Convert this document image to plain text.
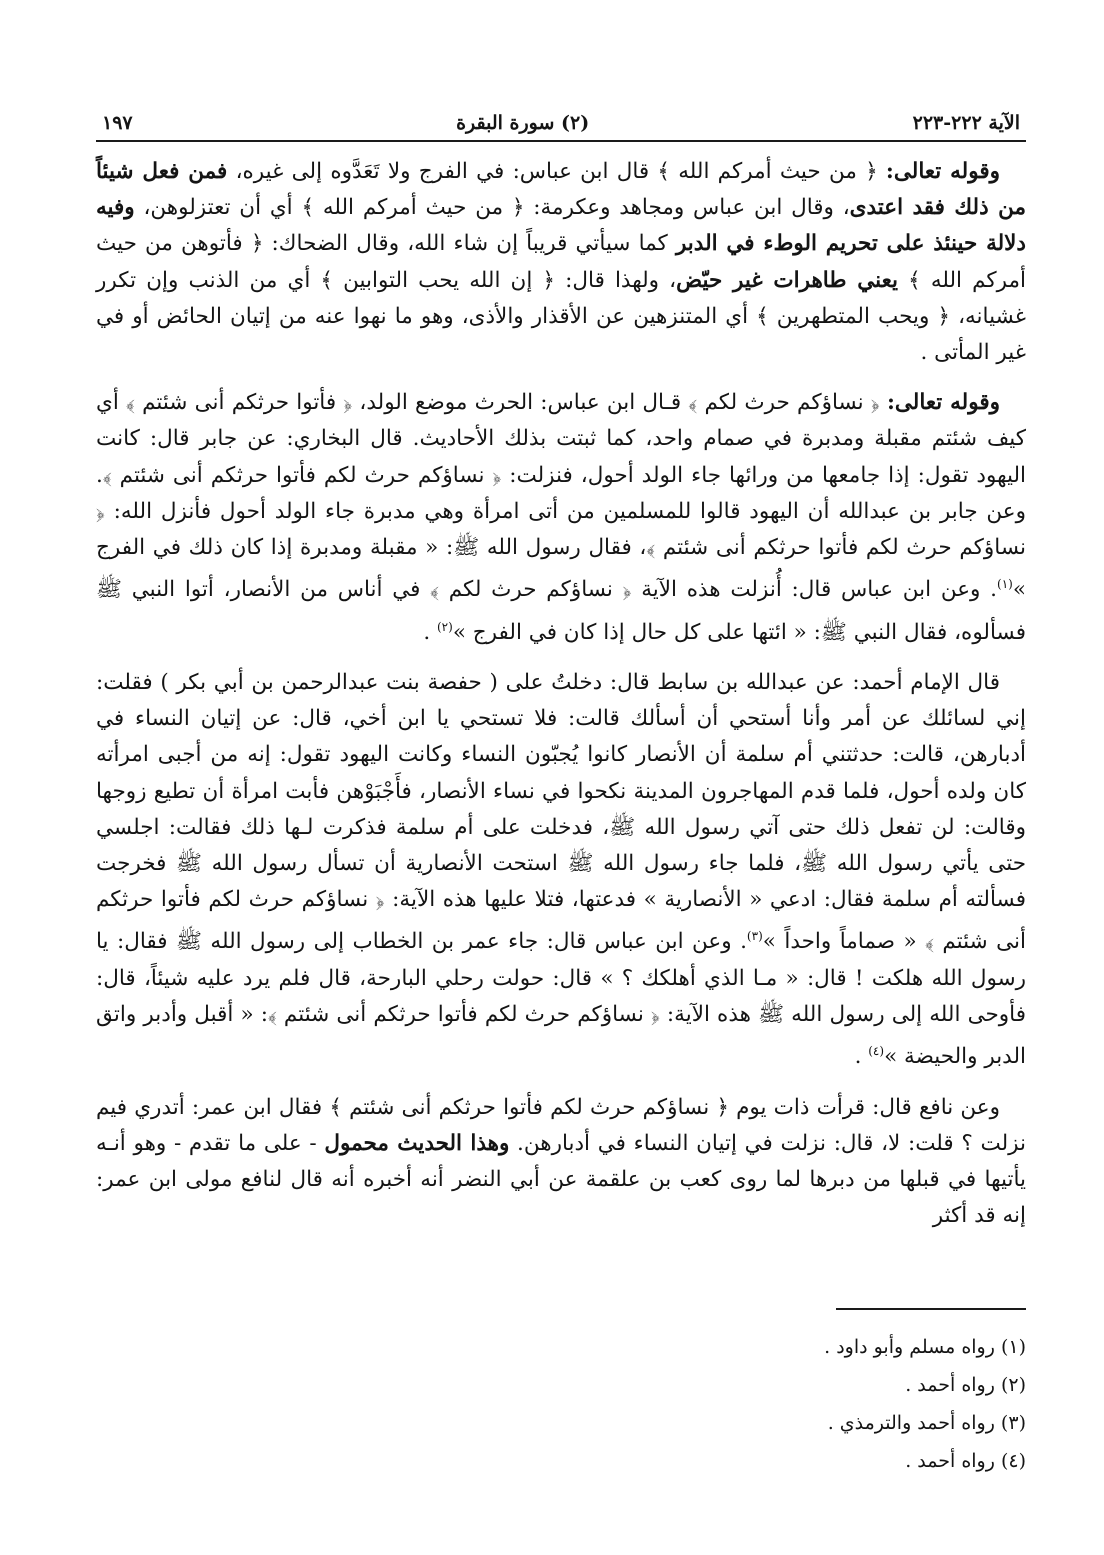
الآية ٢٢٢-٢٢٣
(٢) سورة البقرة
١٩٧

وقوله تعالى: ﴿ من حيث أمركم الله ﴾ قال ابن عباس: في الفرج ولا تَعَدَّوه إلى غيره، فمن فعل شيئاً من ذلك فقد اعتدى، وقال ابن عباس ومجاهد وعكرمة: ﴿ من حيث أمركم الله ﴾ أي أن تعتزلوهن، وفيه دلالة حينئذ على تحريم الوطء في الدبر كما سيأتي قريباً إن شاء الله، وقال الضحاك: ﴿ فأتوهن من حيث أمركم الله ﴾ يعني طاهرات غير حيّض، ولهذا قال: ﴿ إن الله يحب التوابين ﴾ أي من الذنب وإن تكرر غشيانه، ﴿ ويحب المتطهرين ﴾ أي المتنزهين عن الأقذار والأذى، وهو ما نهوا عنه من إتيان الحائض أو في غير المأتى .

وقوله تعالى: ﴿ نساؤكم حرث لكم ﴾ قـال ابن عباس: الحرث موضع الولد، ﴿ فأتوا حرثكم أنى شئتم ﴾ أي كيف شئتم مقبلة ومدبرة في صمام واحد، كما ثبتت بذلك الأحاديث. قال البخاري: عن جابر قال: كانت اليهود تقول: إذا جامعها من ورائها جاء الولد أحول، فنزلت: ﴿ نساؤكم حرث لكم فأتوا حرثكم أنى شئتم ﴾. وعن جابر بن عبدالله أن اليهود قالوا للمسلمين من أتى امرأة وهي مدبرة جاء الولد أحول فأنزل الله: ﴿ نساؤكم حرث لكم فأتوا حرثكم أنى شئتم ﴾، فقال رسول الله ﷺ: « مقبلة ومدبرة إذا كان ذلك في الفرج »$^{(١)}$. وعن ابن عباس قال: أُنزلت هذه الآية ﴿ نساؤكم حرث لكم ﴾ في أناس من الأنصار، أتوا النبي ﷺ فسألوه، فقال النبي ﷺ: « ائتها على كل حال إذا كان في الفرج »$^{(٢)}$ .

قال الإمام أحمد: عن عبدالله بن سابط قال: دخلتُ على ( حفصة بنت عبدالرحمن بن أبي بكر ) فقلت: إني لسائلك عن أمر وأنا أستحي أن أسألك قالت: فلا تستحي يا ابن أخي، قال: عن إتيان النساء في أدبارهن، قالت: حدثتني أم سلمة أن الأنصار كانوا يُجبّون النساء وكانت اليهود تقول: إنه من أجبى امرأته كان ولده أحول، فلما قدم المهاجرون المدينة نكحوا في نساء الأنصار، فأَجْبَوْهن فأبت امرأة أن تطيع زوجها وقالت: لن تفعل ذلك حتى آتي رسول الله ﷺ، فدخلت على أم سلمة فذكرت لـها ذلك فقالت: اجلسي حتى يأتي رسول الله ﷺ، فلما جاء رسول الله ﷺ استحت الأنصارية أن تسأل رسول الله ﷺ فخرجت فسألته أم سلمة فقال: ادعي « الأنصارية » فدعتها، فتلا عليها هذه الآية: ﴿ نساؤكم حرث لكم فأتوا حرثكم أنى شئتم ﴾ « صماماً واحداً »$^{(٣)}$. وعن ابن عباس قال: جاء عمر بن الخطاب إلى رسول الله ﷺ فقال: يا رسول الله هلكت ! قال: « مـا الذي أهلكك ؟ » قال: حولت رحلي البارحة، قال فلم يرد عليه شيئاً، قال: فأوحى الله إلى رسول الله ﷺ هذه الآية: ﴿ نساؤكم حرث لكم فأتوا حرثكم أنى شئتم ﴾: « أقبل وأدبر واتق الدبر والحيضة »$^{(٤)}$ .

وعن نافع قال: قرأت ذات يوم ﴿ نساؤكم حرث لكم فأتوا حرثكم أنى شئتم ﴾ فقال ابن عمر: أتدري فيم نزلت ؟ قلت: لا، قال: نزلت في إتيان النساء في أدبارهن. وهذا الحديث محمول - على ما تقدم - وهو أنـه يأتيها في قبلها من دبرها لما روى كعب بن علقمة عن أبي النضر أنه أخبره أنه قال لنافع مولى ابن عمر: إنه قد أكثر

(١) رواه مسلم وأبو داود .
(٢) رواه أحمد .
(٣) رواه أحمد والترمذي .
(٤) رواه أحمد .
